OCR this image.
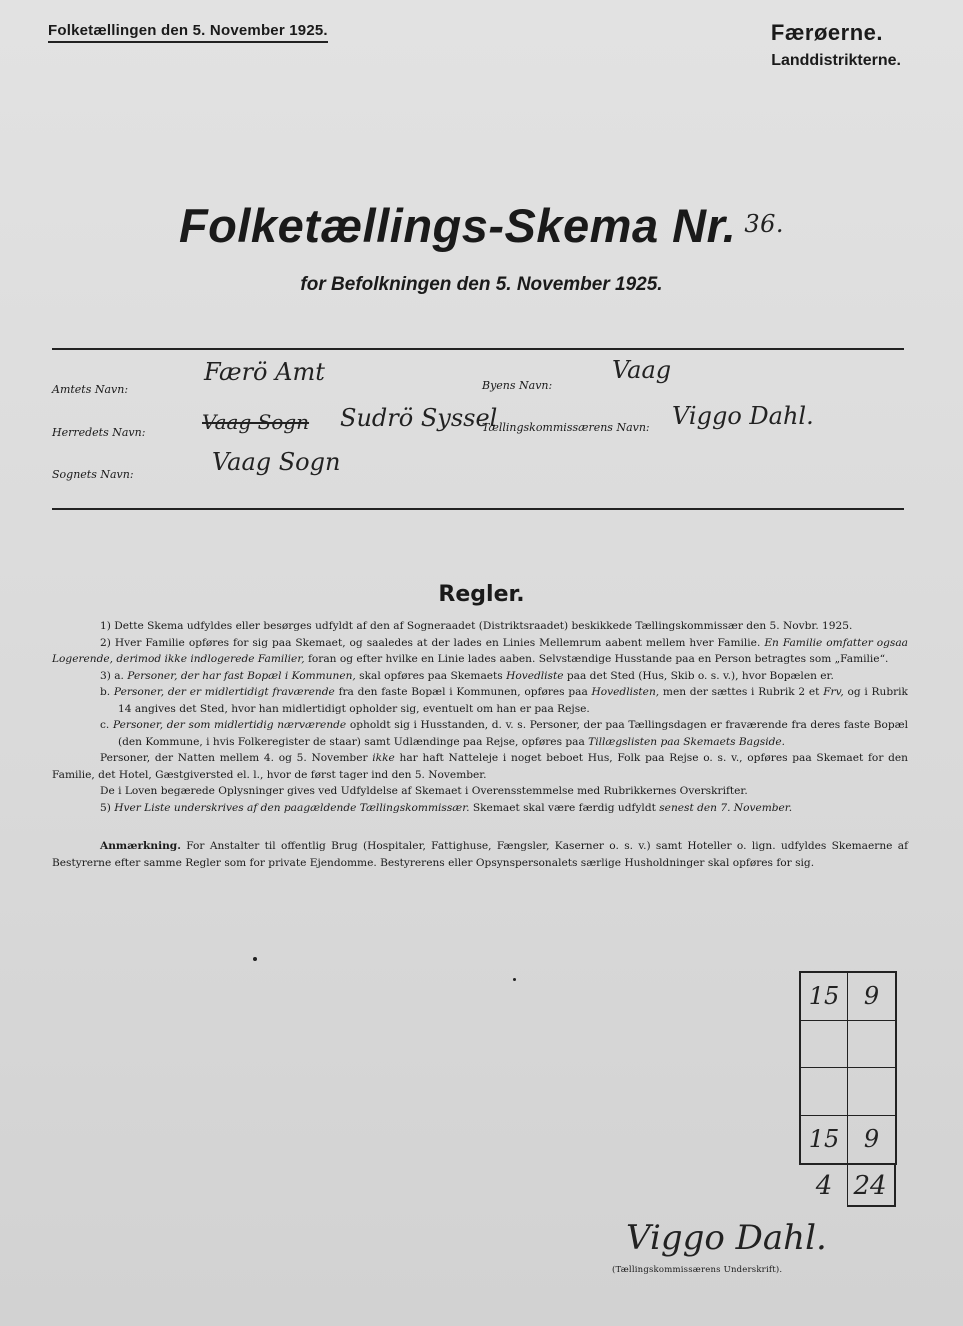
Folketællingen den 5. November 1925.	Færøerne.
Landdistrikterne.
Folketællings-Skema Nr. $^{36.}$
for Befolkningen den 5. November 1925.
Amtets Navn:
Færö Amt
Herredets Navn:	Vaag Sogn Sudrö Syssel
Sognets Navn:	Vaag Sogn
Byens Navn:
Vaag
Tællingskommissærens Navn: Viggo Dahl.
Regler.

1) Dette Skema udfyldes eller besørges udfyldt af den af Sogneraadet (Distriktsraadet) beskikkede Tællingskommissær den 5. Novbr. 1925.

2) Hver Familie opføres for sig paa Skemaet, og saaledes at der lades en Linies Mellemrum aabent mellem hver Familie. En Familie omfatter ogsaa Logerende, derimod ikke indlogerede Familier, foran og efter hvilke en Linie lades aaben. Selvstændige Husstande paa en Person betragtes som „Familie“.

3) a. Personer, der har fast Bopæl i Kommunen, skal opføres paa Skemaets Hovedliste paa det Sted (Hus, Skib o. s. v.), hvor Bopælen er.

b. Personer, der er midlertidigt fraværende fra den faste Bopæl i Kommunen, opføres paa Hovedlisten, men der sættes i Rubrik 2 et Frv, og i Rubrik 14 angives det Sted, hvor han midlertidigt opholder sig, eventuelt om han er paa Rejse.

c. Personer, der som midlertidig nærværende opholdt sig i Husstanden, d. v. s. Personer, der paa Tællingsdagen er fraværende fra deres faste Bopæl (den Kommune, i hvis Folkeregister de staar) samt Udlændinge paa Rejse, opføres paa Tillægslisten paa Skemaets Bagside.

Personer, der Natten mellem 4. og 5. November ikke har haft Natteleje i noget beboet Hus, Folk paa Rejse o. s. v., opføres paa Skemaet for den Familie, det Hotel, Gæstgiversted el. l., hvor de først tager ind den 5. November.

De i Loven begærede Oplysninger gives ved Udfyldelse af Skemaet i Overensstemmelse med Rubrikkernes Overskrifter.

5) Hver Liste underskrives af den paagældende Tællingskommissær. Skemaet skal være færdig udfyldt senest den 7. November.

Anmærkning. For Anstalter til offentlig Brug (Hospitaler, Fattighuse, Fængsler, Kaserner o. s. v.) samt Hoteller o. lign. udfyldes Skemaerne af Bestyrerne efter samme Regler som for private Ejendomme. Bestyrerens eller Opsynspersonalets særlige Husholdninger skal opføres for sig.

15	9
15	9
4 24
Viggo Dahl.
(Tællingskommissærens Underskrift).
